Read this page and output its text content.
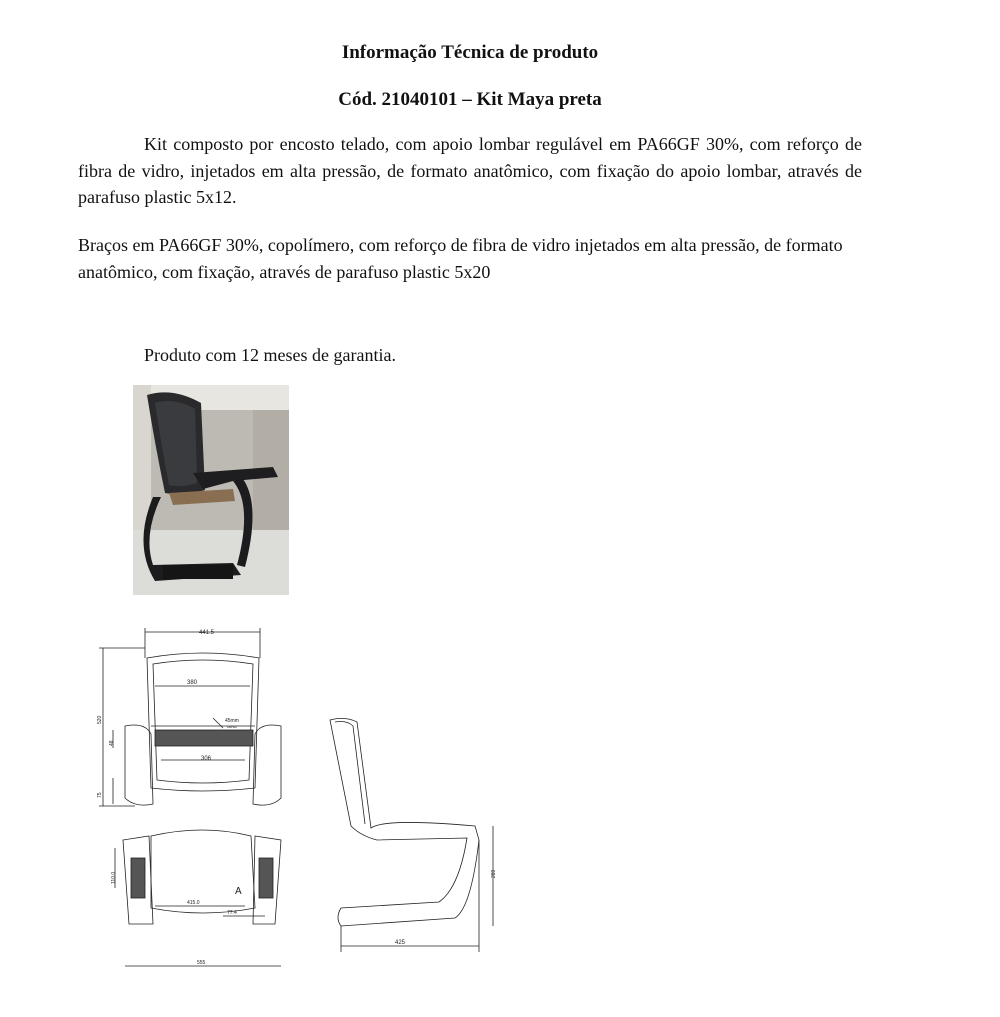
Informação Técnica de produto
Cód. 21040101 – Kit Maya preta
Kit composto por encosto telado, com apoio lombar regulável em PA66GF 30%, com reforço de fibra de vidro, injetados em alta pressão, de formato anatômico, com fixação do apoio lombar, através de parafuso plastic 5x12.
Braços em PA66GF 30%, copolímero, com reforço de fibra de vidro injetados em alta pressão, de formato anatômico, com fixação, através de parafuso plastic 5x20
Produto com 12 meses de garantia.
441.5
380
306
45mm
curso
520
48
75
110.0
415.0
77.4
555
A
289
425
